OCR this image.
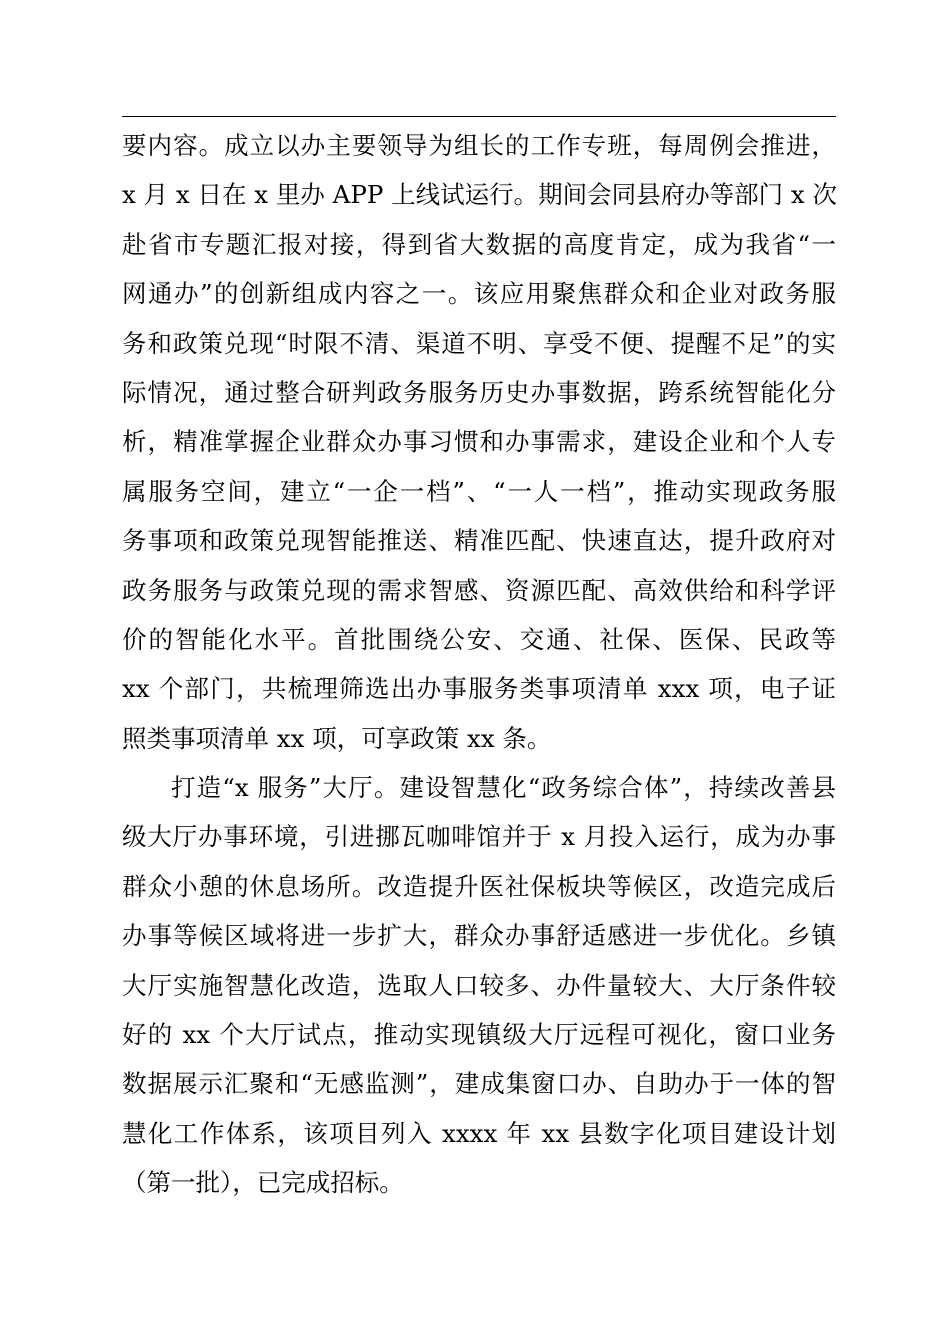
要内容。成立以办主要领导为组长的工作专班，每周例会推进，
x 月 x 日在 x 里办 APP 上线试运行。期间会同县府办等部门 x 次
赴省市专题汇报对接，得到省大数据的高度肯定，成为我省“一
网通办”的创新组成内容之一。该应用聚焦群众和企业对政务服
务和政策兑现“时限不清、渠道不明、享受不便、提醒不足”的实
际情况，通过整合研判政务服务历史办事数据，跨系统智能化分
析，精准掌握企业群众办事习惯和办事需求，建设企业和个人专
属服务空间，建立“一企一档”、“一人一档”，推动实现政务服
务事项和政策兑现智能推送、精准匹配、快速直达，提升政府对
政务服务与政策兑现的需求智感、资源匹配、高效供给和科学评
价的智能化水平。首批围绕公安、交通、社保、医保、民政等
xx 个部门，共梳理筛选出办事服务类事项清单 xxx 项，电子证
照类事项清单 xx 项，可享政策 xx 条。
打造“x 服务”大厅。建设智慧化“政务综合体”，持续改善县
级大厅办事环境，引进挪瓦咖啡馆并于 x 月投入运行，成为办事
群众小憩的休息场所。改造提升医社保板块等候区，改造完成后
办事等候区域将进一步扩大，群众办事舒适感进一步优化。乡镇
大厅实施智慧化改造，选取人口较多、办件量较大、大厅条件较
好的 xx 个大厅试点，推动实现镇级大厅远程可视化，窗口业务
数据展示汇聚和“无感监测”，建成集窗口办、自助办于一体的智
慧化工作体系，该项目列入 xxxx 年 xx 县数字化项目建设计划
（第一批），已完成招标。
